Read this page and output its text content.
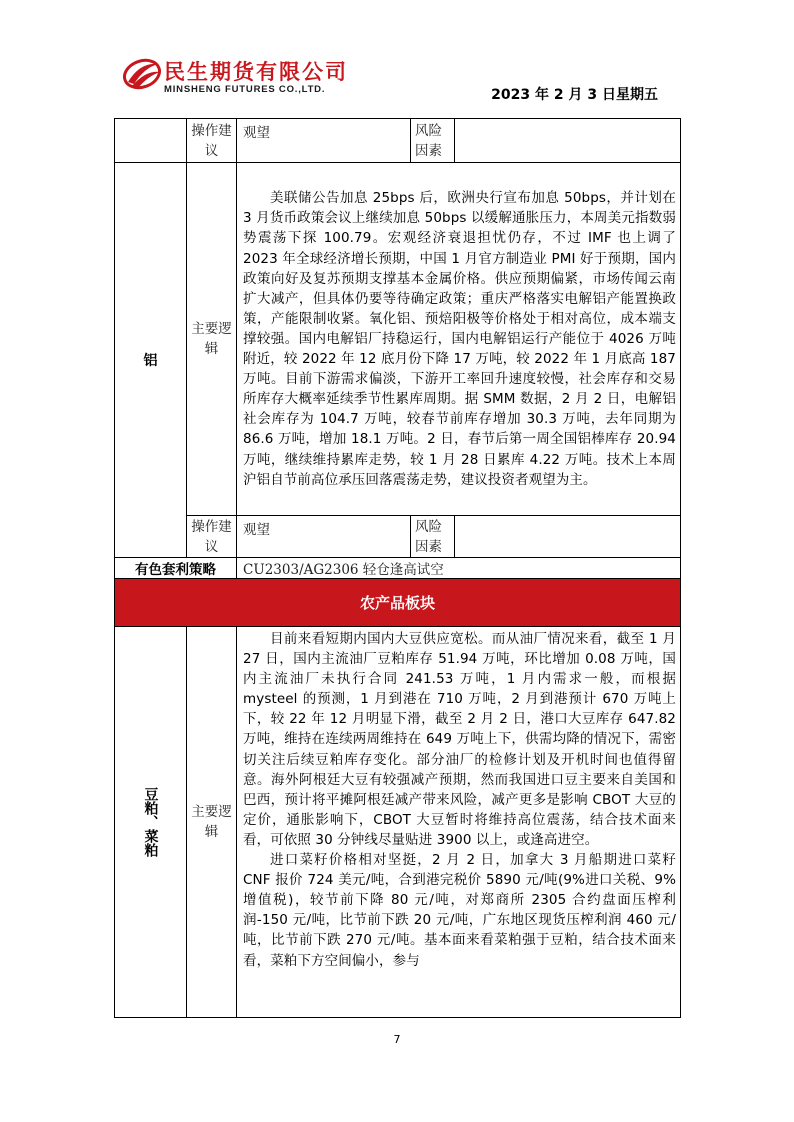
民生期货有限公司
MINSHENG FUTURES CO.,LTD.	2023 年 2 月 3 日星期五
	操作建议	观望	风险因素	
铝	主要逻辑	美联储公告加息 25bps 后，欧洲央行宣布加息 50bps，并计划在 3 月货币政策会议上继续加息 50bps 以缓解通胀压力，本周美元指数弱势震荡下探 100.79。宏观经济衰退担忧仍存，不过 IMF 也上调了 2023 年全球经济增长预期，中国 1 月官方制造业 PMI 好于预期，国内政策向好及复苏预期支撑基本金属价格。供应预期偏紧，市场传闻云南扩大减产，但具体仍要等待确定政策；重庆严格落实电解铝产能置换政策，产能限制收紧。氧化铝、预焙阳极等价格处于相对高位，成本端支撑较强。国内电解铝厂持稳运行，国内电解铝运行产能位于 4026 万吨附近，较 2022 年 12 底月份下降 17 万吨，较 2022 年 1 月底高 187 万吨。目前下游需求偏淡，下游开工率回升速度较慢，社会库存和交易所库存大概率延续季节性累库周期。据 SMM 数据，2 月 2 日，电解铝社会库存为 104.7 万吨，较春节前库存增加 30.3 万吨，去年同期为 86.6 万吨，增加 18.1 万吨。2 日，春节后第一周全国铝棒库存 20.94 万吨，继续维持累库走势，较 1 月 28 日累库 4.22 万吨。技术上本周沪铝自节前高位承压回落震荡走势，建议投资者观望为主。		
	操作建议	观望	风险因素	
有色套利策略		CU2303/AG2306 轻仓逢高试空		
农产品板块				

豆粕、菜粕	主要逻辑	目前来看短期内国内大豆供应宽松。而从油厂情况来看，截至 1 月 27 日，国内主流油厂豆粕库存 51.94 万吨，环比增加 0.08 万吨，国内主流油厂未执行合同 241.53 万吨，1 月内需求一般，而根据 mysteel 的预测，1 月到港在 710 万吨，2 月到港预计 670 万吨上下，较 22 年 12 月明显下滑，截至 2 月 2 日，港口大豆库存 647.82 万吨，维持在连续两周维持在 649 万吨上下，供需均降的情况下，需密切关注后续豆粕库存变化。部分油厂的检修计划及开机时间也值得留意。海外阿根廷大豆有较强减产预期，然而我国进口豆主要来自美国和巴西，预计将平摊阿根廷减产带来风险，减产更多是影响 CBOT 大豆的定价，通胀影响下，CBOT 大豆暂时将维持高位震荡，结合技术面来看，可依照 30 分钟线尽量贴进 3900 以上，或逢高进空。

进口菜籽价格相对坚挺，2 月 2 日，加拿大 3 月船期进口菜籽 CNF 报价 724 美元/吨，合到港完税价 5890 元/吨(9%进口关税、9%增值税)，较节前下降 80 元/吨，对郑商所 2305 合约盘面压榨利润-150 元/吨，比节前下跌 20 元/吨，广东地区现货压榨利润 460 元/吨，比节前下跌 270 元/吨。基本面来看菜粕强于豆粕，结合技术面来看，菜粕下方空间偏小，参与		

7
